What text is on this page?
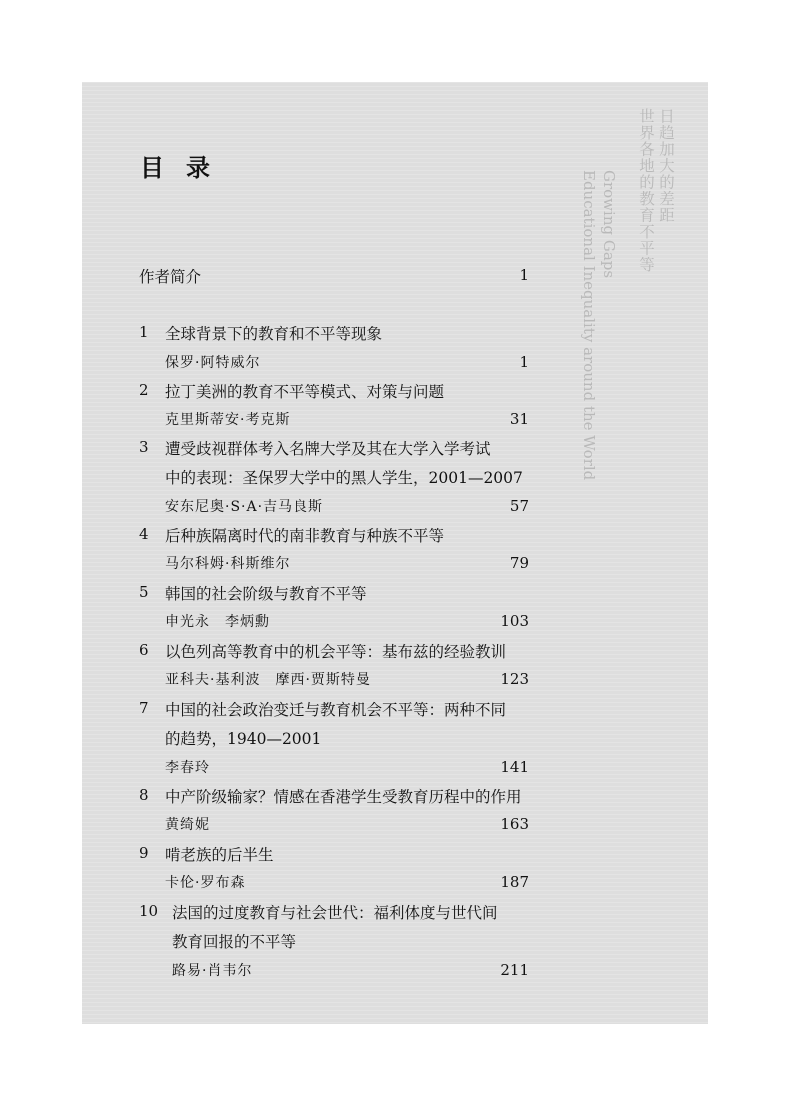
日趋加大的差距
世界各地的教育不平等
Growing Gaps
Educational Inequality around the World
目录
作者简介	1
1 全球背景下的教育和不平等现象
保罗·阿特威尔	1
2 拉丁美洲的教育不平等模式、对策与问题
克里斯蒂安·考克斯	31
3 遭受歧视群体考入名牌大学及其在大学入学考试
中的表现：圣保罗大学中的黑人学生，2001—2007
安东尼奥·S·A·吉马良斯	57
4 后种族隔离时代的南非教育与种族不平等
马尔科姆·科斯维尔	79
5 韩国的社会阶级与教育不平等
申光永　李炳勳	103
6 以色列高等教育中的机会平等：基布兹的经验教训
亚科夫·基利波　摩西·贾斯特曼	123
7 中国的社会政治变迁与教育机会不平等：两种不同
的趋势，1940—2001
李春玲	141
8 中产阶级输家？情感在香港学生受教育历程中的作用
黄绮妮	163
9 啃老族的后半生
卡伦·罗布森	187
10 法国的过度教育与社会世代：福利体度与世代间
教育回报的不平等
路易·肖韦尔	211
